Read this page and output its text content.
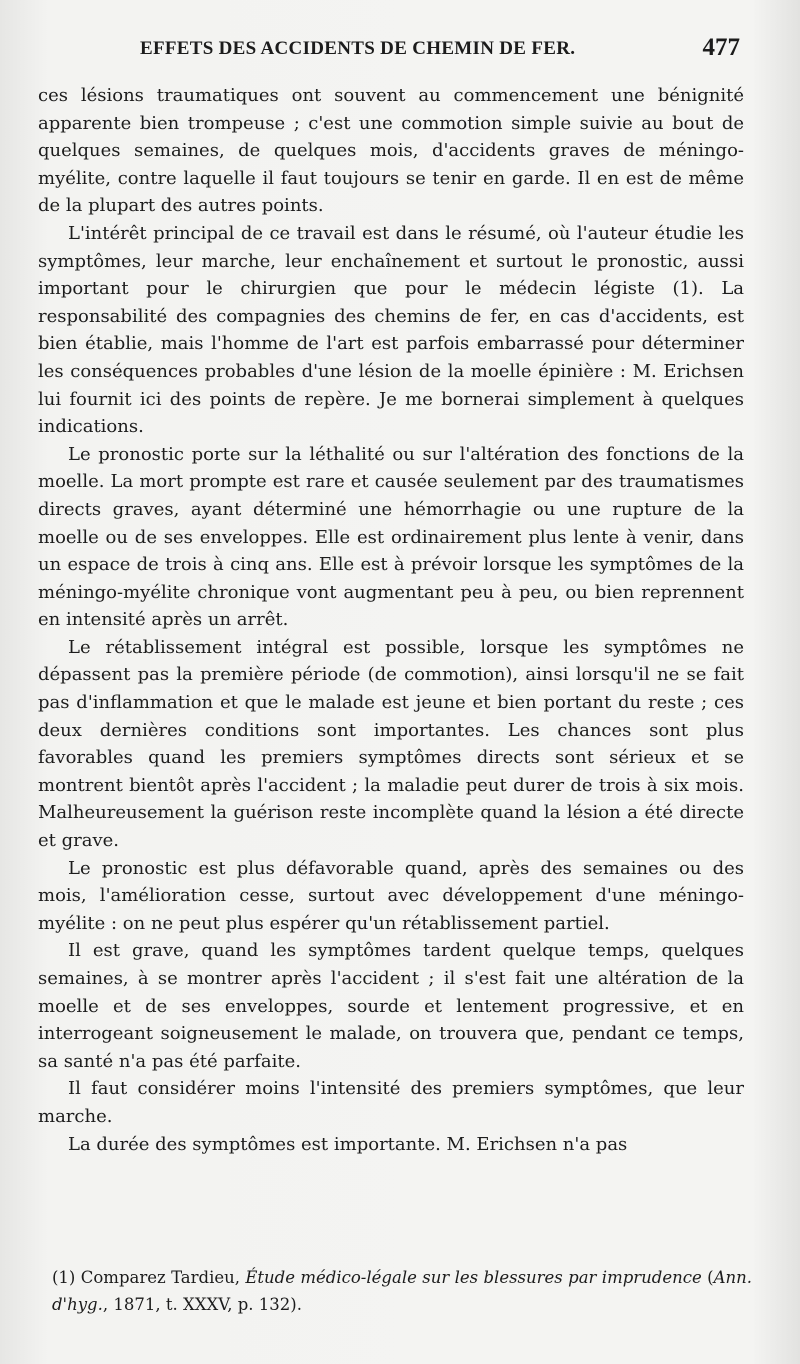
EFFETS DES ACCIDENTS DE CHEMIN DE FER.	477

ces lésions traumatiques ont souvent au commencement une bénignité apparente bien trompeuse ; c'est une commotion simple suivie au bout de quelques semaines, de quelques mois, d'accidents graves de méningo-myélite, contre laquelle il faut toujours se tenir en garde. Il en est de même de la plupart des autres points.

L'intérêt principal de ce travail est dans le résumé, où l'auteur étudie les symptômes, leur marche, leur enchaînement et surtout le pronostic, aussi important pour le chirurgien que pour le médecin légiste (1). La responsabilité des compagnies des chemins de fer, en cas d'accidents, est bien établie, mais l'homme de l'art est parfois embarrassé pour déterminer les conséquences probables d'une lésion de la moelle épinière : M. Erichsen lui fournit ici des points de repère. Je me bornerai simplement à quelques indications.

Le pronostic porte sur la léthalité ou sur l'altération des fonctions de la moelle. La mort prompte est rare et causée seulement par des traumatismes directs graves, ayant déterminé une hémorrhagie ou une rupture de la moelle ou de ses enveloppes. Elle est ordinairement plus lente à venir, dans un espace de trois à cinq ans. Elle est à prévoir lorsque les symptômes de la méningo-myélite chronique vont augmentant peu à peu, ou bien reprennent en intensité après un arrêt.

Le rétablissement intégral est possible, lorsque les symptômes ne dépassent pas la première période (de commotion), ainsi lorsqu'il ne se fait pas d'inflammation et que le malade est jeune et bien portant du reste ; ces deux dernières conditions sont importantes. Les chances sont plus favorables quand les premiers symptômes directs sont sérieux et se montrent bientôt après l'accident ; la maladie peut durer de trois à six mois. Malheureusement la guérison reste incomplète quand la lésion a été directe et grave.

Le pronostic est plus défavorable quand, après des semaines ou des mois, l'amélioration cesse, surtout avec développement d'une méningo-myélite : on ne peut plus espérer qu'un rétablissement partiel.

Il est grave, quand les symptômes tardent quelque temps, quelques semaines, à se montrer après l'accident ; il s'est fait une altération de la moelle et de ses enveloppes, sourde et lentement progressive, et en interrogeant soigneusement le malade, on trouvera que, pendant ce temps, sa santé n'a pas été parfaite.

Il faut considérer moins l'intensité des premiers symptômes, que leur marche.

La durée des symptômes est importante. M. Erichsen n'a pas

(1) Comparez Tardieu, Étude médico-légale sur les blessures par imprudence (Ann. d'hyg., 1871, t. XXXV, p. 132).
